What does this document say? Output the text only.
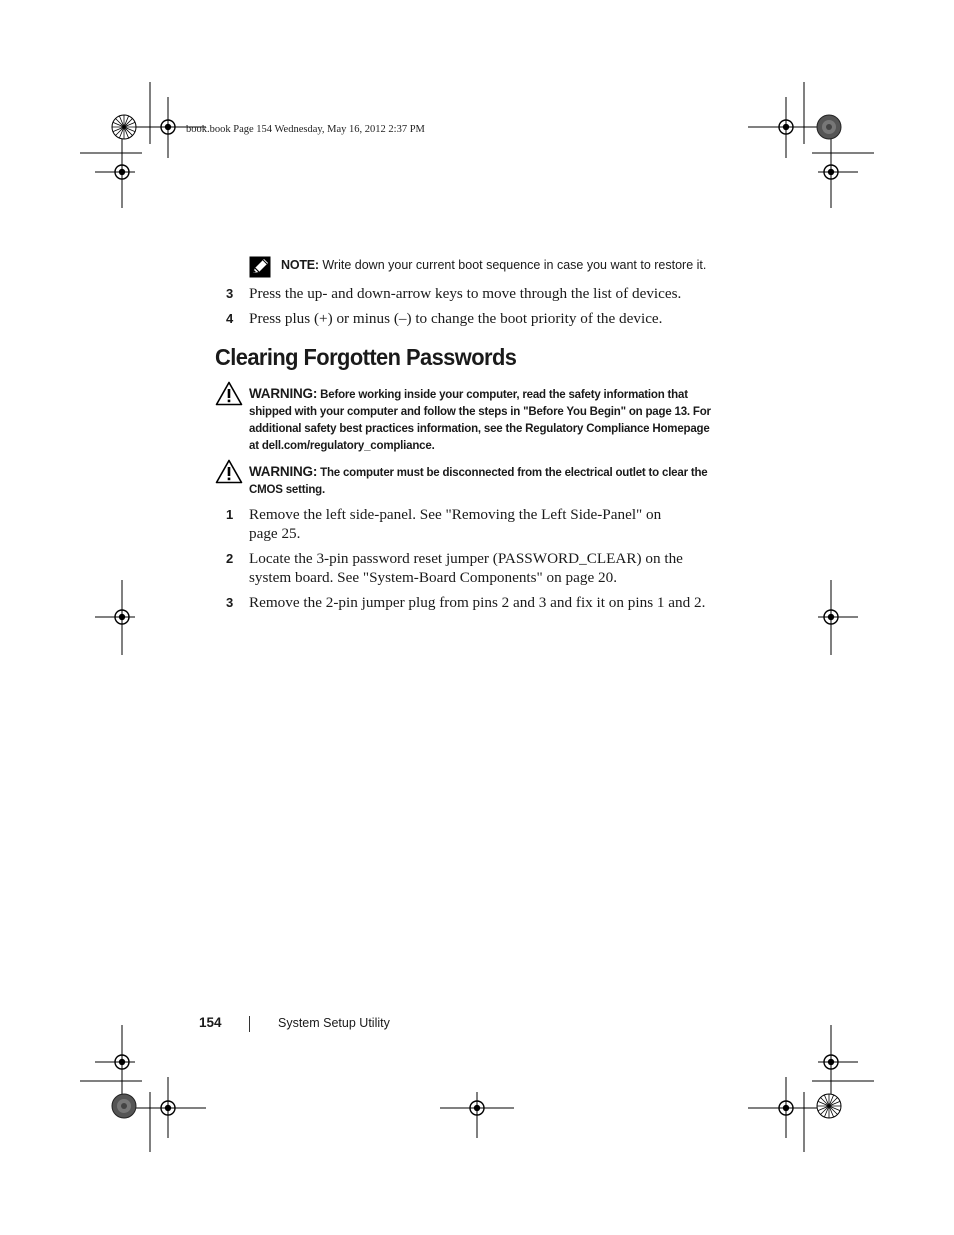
book.book Page 154 Wednesday, May 16, 2012 2:37 PM
NOTE: Write down your current boot sequence in case you want to restore it.
3 Press the up- and down-arrow keys to move through the list of devices.
4 Press plus (+) or minus (–) to change the boot priority of the device.
Clearing Forgotten Passwords
WARNING: Before working inside your computer, read the safety information that shipped with your computer and follow the steps in "Before You Begin" on page 13. For additional safety best practices information, see the Regulatory Compliance Homepage at dell.com/regulatory_compliance.
WARNING: The computer must be disconnected from the electrical outlet to clear the CMOS setting.
1 Remove the left side-panel. See "Removing the Left Side-Panel" on page 25.
2 Locate the 3-pin password reset jumper (PASSWORD_CLEAR) on the system board. See "System-Board Components" on page 20.
3 Remove the 2-pin jumper plug from pins 2 and 3 and fix it on pins 1 and 2.
154	System Setup Utility
